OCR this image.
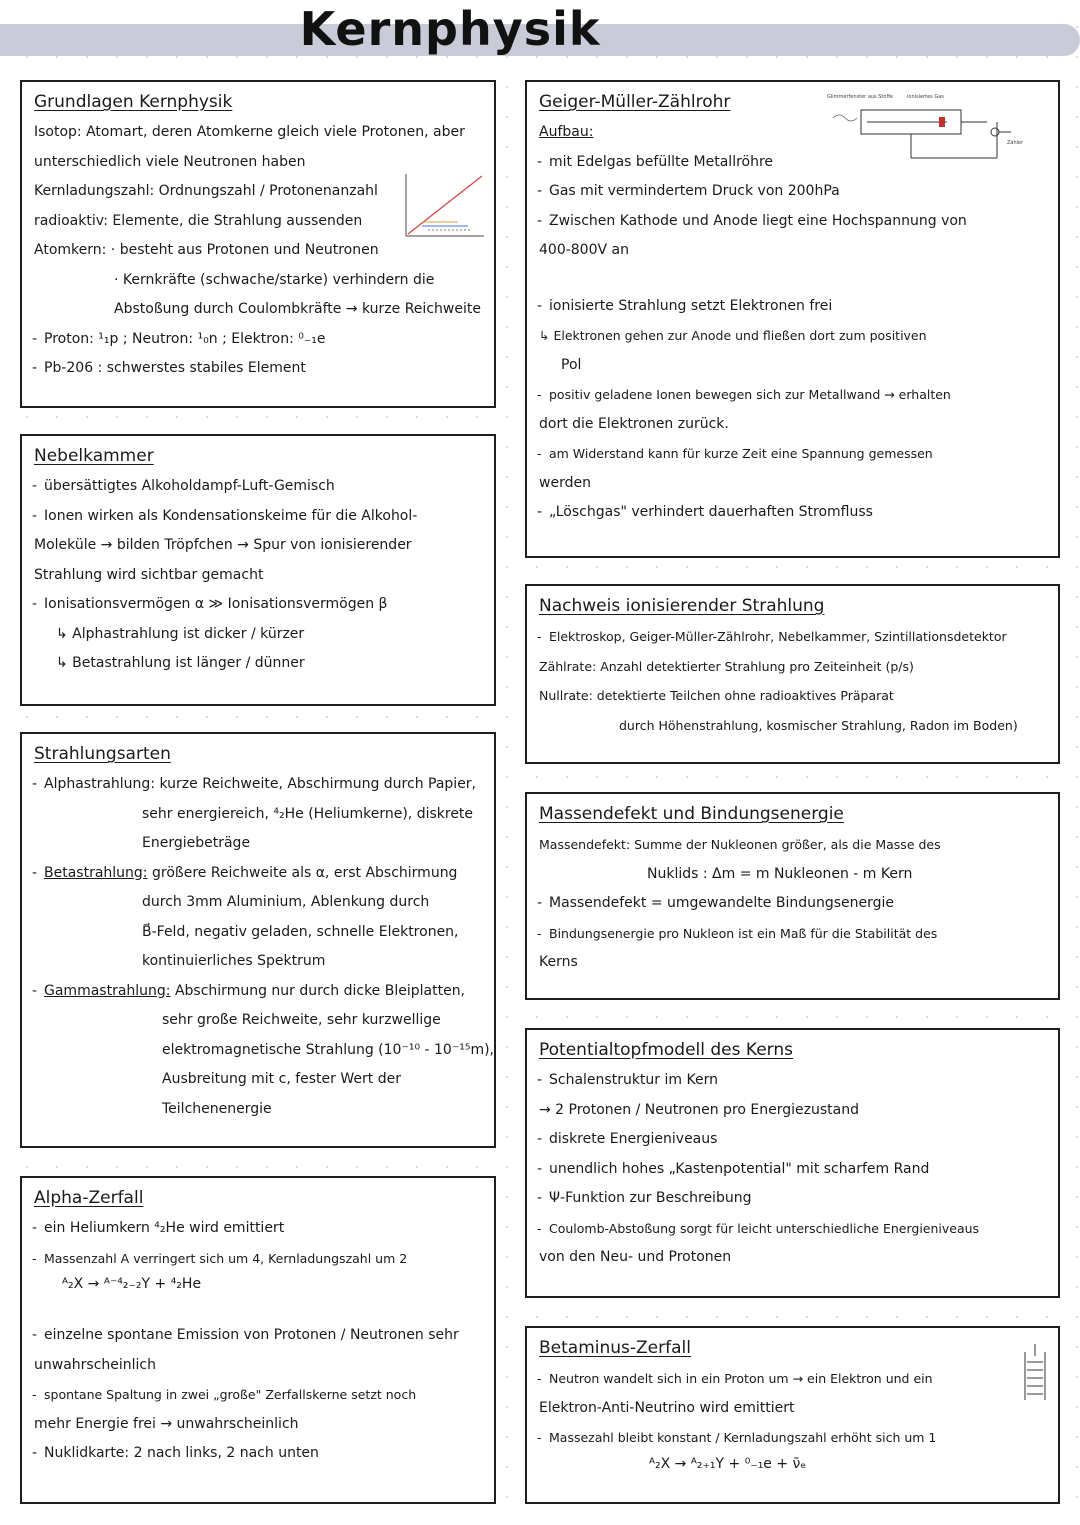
Kernphysik
Grundlagen Kernphysik
Isotop: Atomart, deren Atomkerne gleich viele Protonen, aber
unterschiedlich viele Neutronen haben
Kernladungszahl: Ordnungszahl / Protonenanzahl
radioaktiv: Elemente, die Strahlung aussenden
Atomkern: · besteht aus Protonen und Neutronen
· Kernkräfte (schwache/starke) verhindern die
Abstoßung durch Coulombkräfte → kurze Reichweite
- Proton: ¹₁p ; Neutron: ¹₀n ; Elektron: ⁰₋₁e
- Pb-206 : schwerstes stabiles Element
Nebelkammer
- übersättigtes Alkoholdampf-Luft-Gemisch
- Ionen wirken als Kondensationskeime für die Alkohol-
Moleküle → bilden Tröpfchen → Spur von ionisierender
Strahlung wird sichtbar gemacht
- Ionisationsvermögen α ≫ Ionisationsvermögen β
↳ Alphastrahlung ist dicker / kürzer
↳ Betastrahlung ist länger / dünner
Strahlungsarten
- Alphastrahlung: kurze Reichweite, Abschirmung durch Papier,
sehr energiereich, ⁴₂He (Heliumkerne), diskrete
Energiebeträge
- Betastrahlung: größere Reichweite als α, erst Abschirmung
durch 3mm Aluminium, Ablenkung durch
B⃗-Feld, negativ geladen, schnelle Elektronen,
kontinuierliches Spektrum
- Gammastrahlung: Abschirmung nur durch dicke Bleiplatten,
sehr große Reichweite, sehr kurzwellige
elektromagnetische Strahlung (10⁻¹⁰ - 10⁻¹⁵m),
Ausbreitung mit c, fester Wert der
Teilchenenergie
Alpha-Zerfall
- ein Heliumkern ⁴₂He wird emittiert
- Massenzahl A verringert sich um 4, Kernladungszahl um 2
ᴬ₂X → ᴬ⁻⁴₂₋₂Y + ⁴₂He
- einzelne spontane Emission von Protonen / Neutronen sehr
unwahrscheinlich
- spontane Spaltung in zwei „große" Zerfallskerne setzt noch
mehr Energie frei → unwahrscheinlich
- Nuklidkarte: 2 nach links, 2 nach unten
Geiger-Müller-Zählrohr
Aufbau:
- mit Edelgas befüllte Metallröhre
- Gas mit vermindertem Druck von 200hPa
- Zwischen Kathode und Anode liegt eine Hochspannung von
400-800V an
- ionisierte Strahlung setzt Elektronen frei
↳ Elektronen gehen zur Anode und fließen dort zum positiven
Pol
- positiv geladene Ionen bewegen sich zur Metallwand → erhalten
dort die Elektronen zurück.
- am Widerstand kann für kurze Zeit eine Spannung gemessen
werden
- „Löschgas" verhindert dauerhaften Stromfluss
Glimmerfenster aus Stoffe	ionisiertes Gas
Zähler
Nachweis ionisierender Strahlung
- Elektroskop, Geiger-Müller-Zählrohr, Nebelkammer, Szintillationsdetektor
Zählrate: Anzahl detektierter Strahlung pro Zeiteinheit (p/s)
Nullrate: detektierte Teilchen ohne radioaktives Präparat
durch Höhenstrahlung, kosmischer Strahlung, Radon im Boden)
Massendefekt und Bindungsenergie
Massendefekt: Summe der Nukleonen größer, als die Masse des
Nuklids : Δm = m Nukleonen - m Kern
- Massendefekt = umgewandelte Bindungsenergie
- Bindungsenergie pro Nukleon ist ein Maß für die Stabilität des
Kerns
Potentialtopfmodell des Kerns
- Schalenstruktur im Kern
→ 2 Protonen / Neutronen pro Energiezustand
- diskrete Energieniveaus
- unendlich hohes „Kastenpotential" mit scharfem Rand
- Ψ-Funktion zur Beschreibung
- Coulomb-Abstoßung sorgt für leicht unterschiedliche Energieniveaus
von den Neu- und Protonen
Betaminus-Zerfall
- Neutron wandelt sich in ein Proton um → ein Elektron und ein
Elektron-Anti-Neutrino wird emittiert
- Massezahl bleibt konstant / Kernladungszahl erhöht sich um 1
ᴬ₂X → ᴬ₂₊₁Y + ⁰₋₁e + ν̄ₑ
